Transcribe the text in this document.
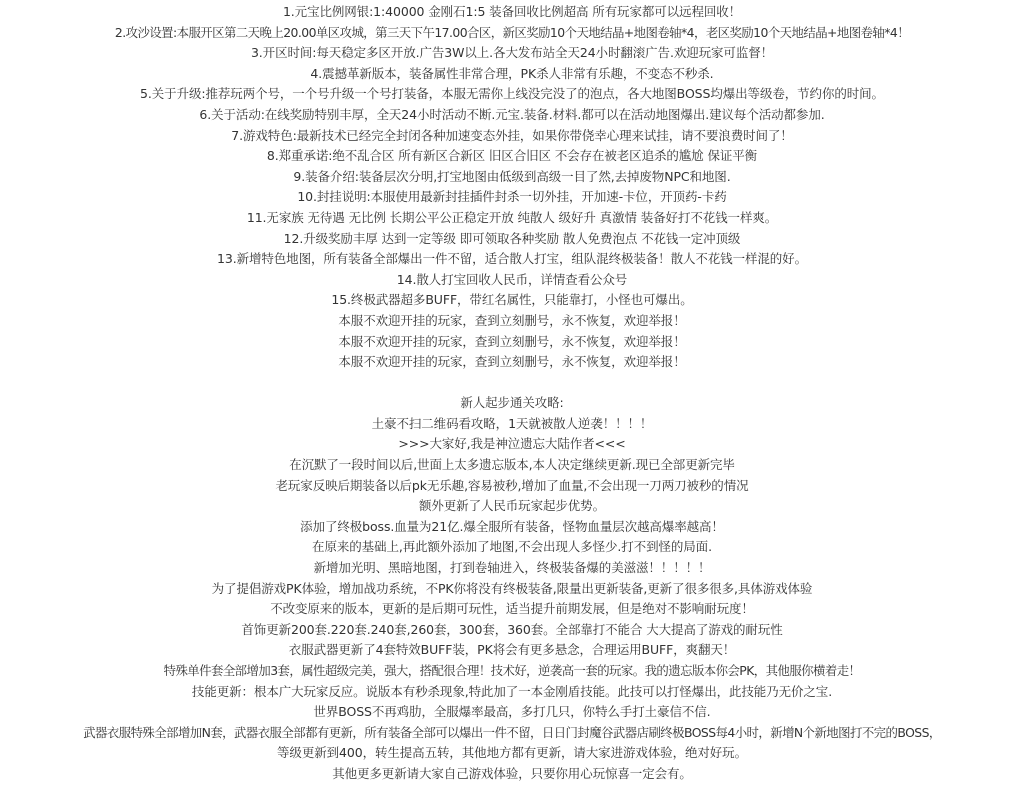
1.元宝比例网银:1:40000 金刚石1:5 装备回收比例超高 所有玩家都可以远程回收！
2.攻沙设置:本服开区第二天晚上20.00单区攻城，第三天下午17.00合区，新区奖励10个天地结晶+地图卷轴*4，老区奖励10个天地结晶+地图卷轴*4！
3.开区时间:每天稳定多区开放.广告3W以上.各大发布站全天24小时翻滚广告.欢迎玩家可监督！
4.震撼革新版本，装备属性非常合理，PK杀人非常有乐趣，不变态不秒杀.
5.关于升级:推荐玩两个号，一个号升级一个号打装备，本服无需你上线没完没了的泡点，各大地图BOSS均爆出等级卷，节约你的时间。
6.关于活动:在线奖励特别丰厚，全天24小时活动不断.元宝.装备.材料.都可以在活动地图爆出.建议每个活动都参加.
7.游戏特色:最新技术已经完全封闭各种加速变态外挂，如果你带侥幸心理来试挂，请不要浪费时间了！
8.郑重承诺:绝不乱合区 所有新区合新区 旧区合旧区 不会存在被老区追杀的尴尬 保证平衡
9.装备介绍:装备层次分明,打宝地图由低级到高级一目了然,去掉废物NPC和地图.
10.封挂说明:本服使用最新封挂插件封杀一切外挂，开加速-卡位，开顶药-卡药
11.无家族 无待遇 无比例 长期公平公正稳定开放 纯散人 级好升 真激情 装备好打不花钱一样爽。
12.升级奖励丰厚 达到一定等级 即可领取各种奖励 散人免费泡点 不花钱一定冲顶级
13.新增特色地图，所有装备全部爆出一件不留，适合散人打宝，组队混终极装备！散人不花钱一样混的好。
14.散人打宝回收人民币，详情查看公众号
15.终极武器超多BUFF，带红名属性，只能靠打，小怪也可爆出。
本服不欢迎开挂的玩家，查到立刻删号，永不恢复，欢迎举报！
本服不欢迎开挂的玩家，查到立刻删号，永不恢复，欢迎举报！
本服不欢迎开挂的玩家，查到立刻删号，永不恢复，欢迎举报！
新人起步通关攻略:
土豪不扫二维码看攻略，1天就被散人逆袭！！！！
>>>大家好,我是神泣遗忘大陆作者<<<
在沉默了一段时间以后,世面上太多遗忘版本,本人决定继续更新.现已全部更新完毕
老玩家反映后期装备以后pk无乐趣,容易被秒,增加了血量,不会出现一刀两刀被秒的情况
额外更新了人民币玩家起步优势。
添加了终极boss.血量为21亿.爆全服所有装备，怪物血量层次越高爆率越高！
在原来的基础上,再此额外添加了地图,不会出现人多怪少.打不到怪的局面.
新增加光明、黑暗地图，打到卷轴进入，终极装备爆的美滋滋！！！！！
为了提倡游戏PK体验，增加战功系统，不PK你将没有终极装备,限量出更新装备,更新了很多很多,具体游戏体验
不改变原来的版本，更新的是后期可玩性，适当提升前期发展，但是绝对不影响耐玩度！
首饰更新200套.220套.240套,260套，300套，360套。全部靠打不能合 大大提高了游戏的耐玩性
衣服武器更新了4套特效BUFF装，PK将会有更多悬念，合理运用BUFF，爽翻天！
特殊单件套全部增加3套，属性超级完美，强大，搭配很合理！技术好，逆袭高一套的玩家。我的遗忘版本你会PK，其他服你横着走！
技能更新：根本广大玩家反应。说版本有秒杀现象,特此加了一本金刚盾技能。此技可以打怪爆出，此技能乃无价之宝.
世界BOSS不再鸡肋，全服爆率最高，多打几只，你特么手打土豪信不信.
武器衣服特殊全部增加N套，武器衣服全部都有更新，所有装备全部可以爆出一件不留，日日门封魔谷武器店刷终极BOSS每4小时，新增N个新地图打不完的BOSS，
等级更新到400，转生提高五转，其他地方都有更新，请大家进游戏体验，绝对好玩。
其他更多更新请大家自己游戏体验，只要你用心玩惊喜一定会有。
